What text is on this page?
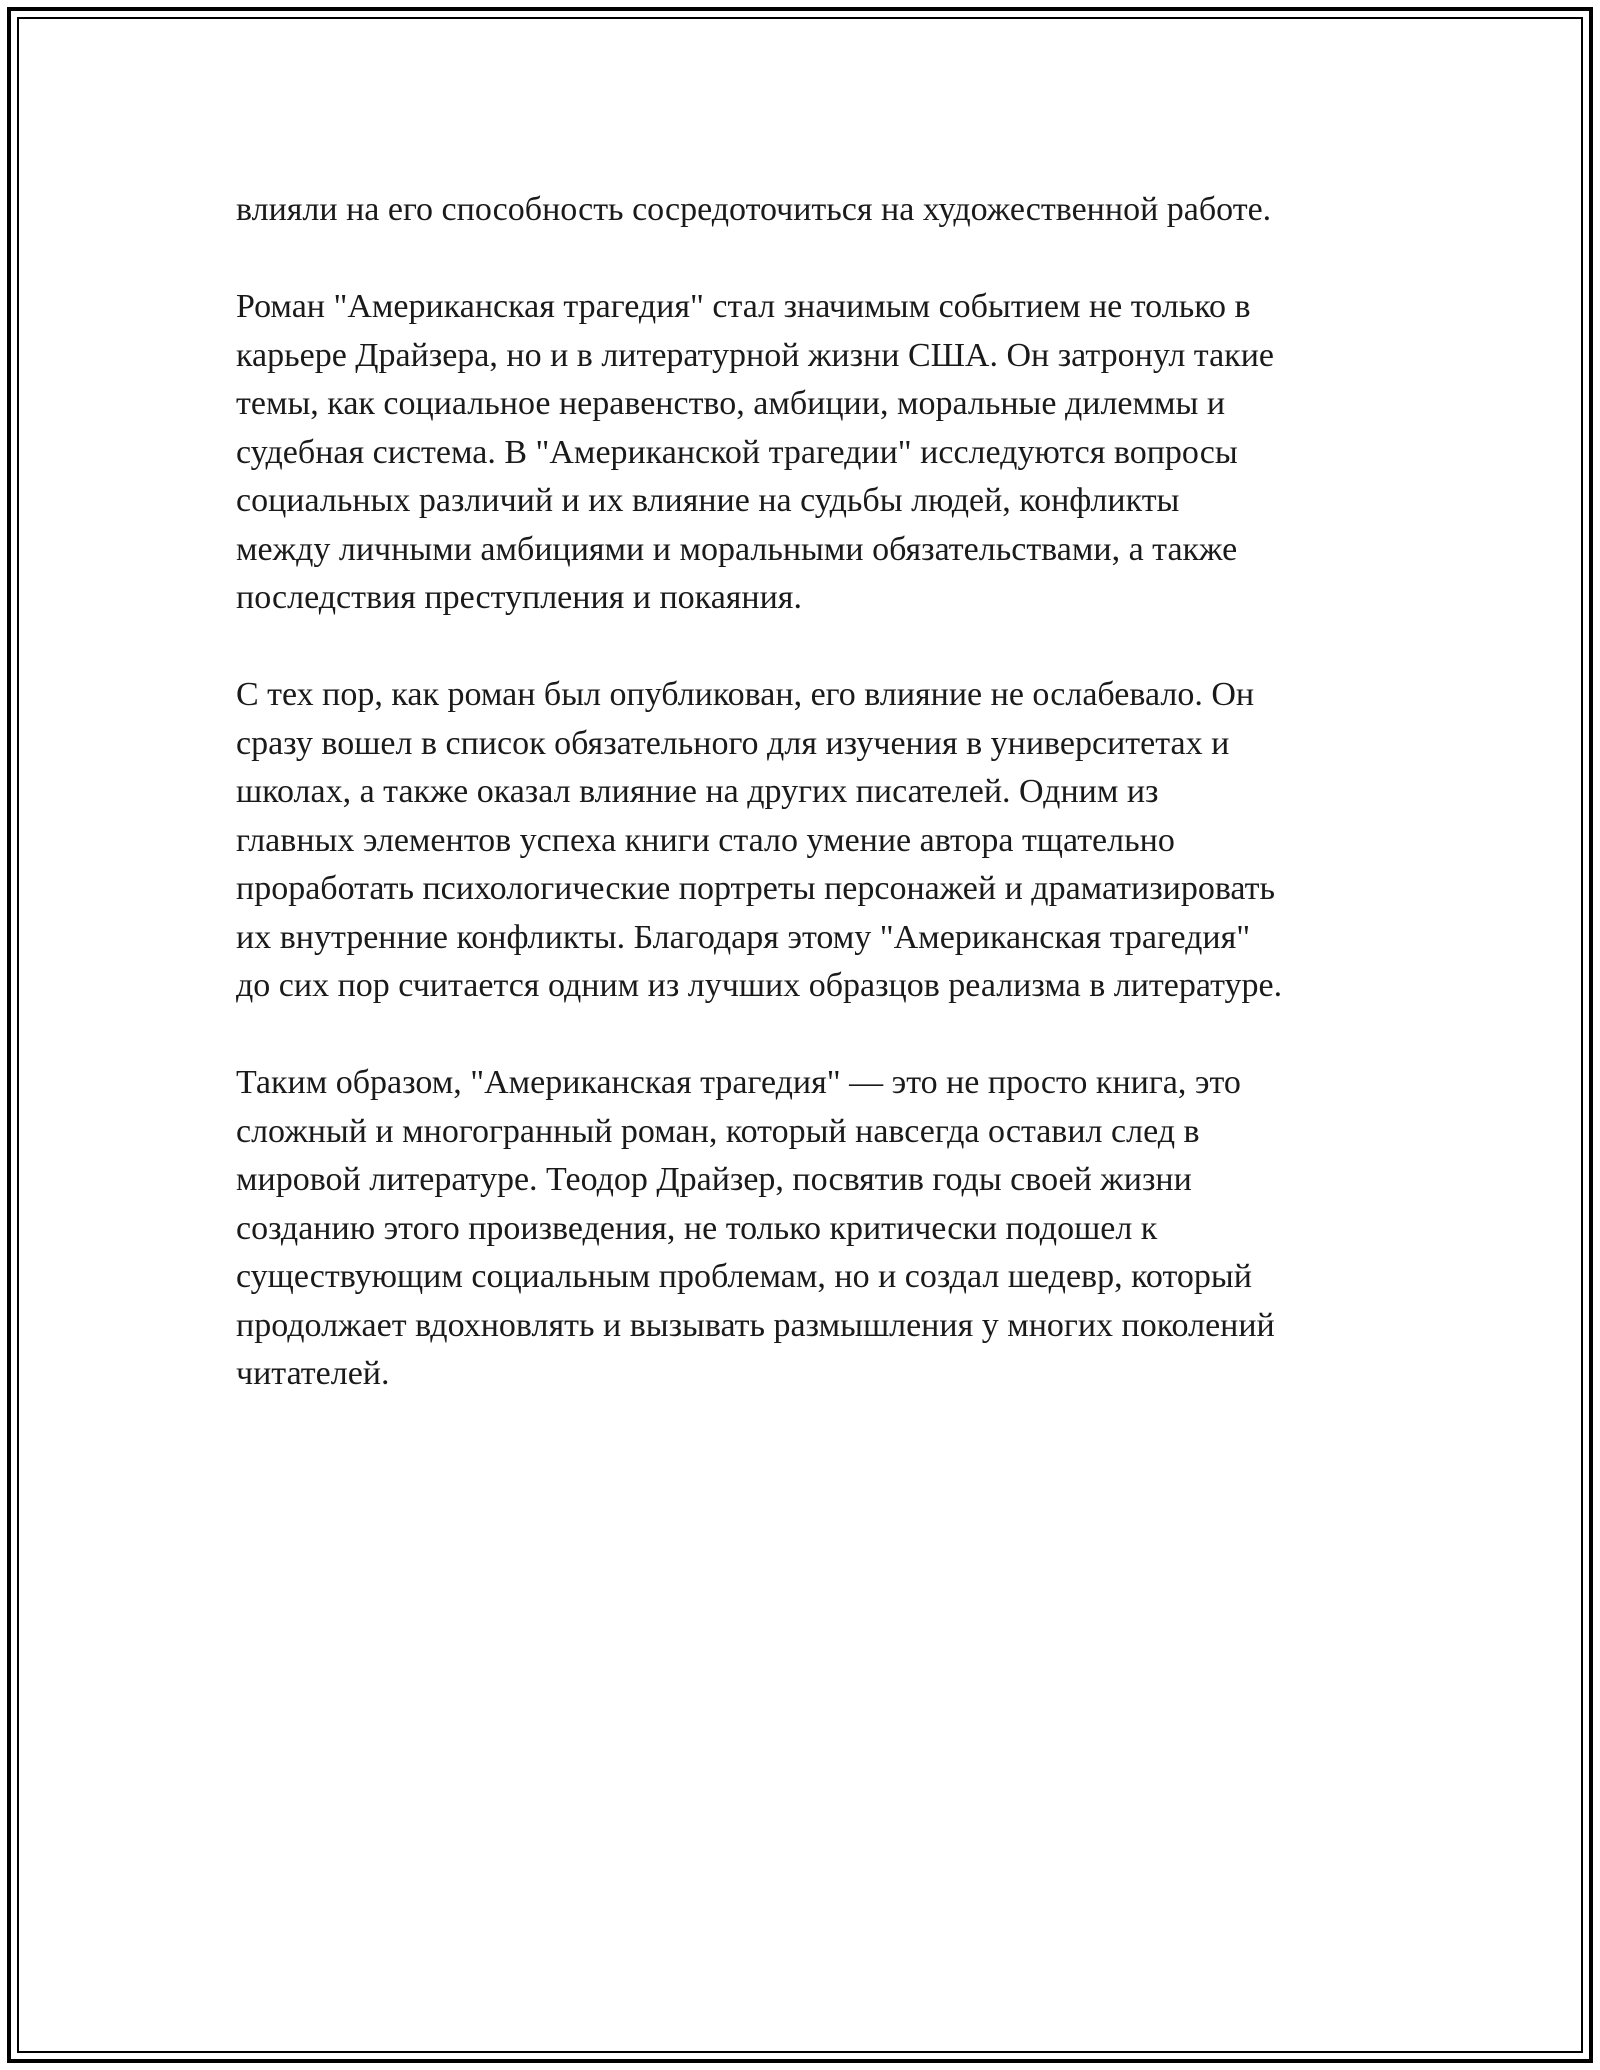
влияли на его способность сосредоточиться на художественной работе.

Роман "Американская трагедия" стал значимым событием не только в
карьере Драйзера, но и в литературной жизни США. Он затронул такие
темы, как социальное неравенство, амбиции, моральные дилеммы и
судебная система. В "Американской трагедии" исследуются вопросы
социальных различий и их влияние на судьбы людей, конфликты
между личными амбициями и моральными обязательствами, а также
последствия преступления и покаяния.

С тех пор, как роман был опубликован, его влияние не ослабевало. Он
сразу вошел в список обязательного для изучения в университетах и
школах, а также оказал влияние на других писателей. Одним из
главных элементов успеха книги стало умение автора тщательно
проработать психологические портреты персонажей и драматизировать
их внутренние конфликты. Благодаря этому "Американская трагедия"
до сих пор считается одним из лучших образцов реализма в литературе.

Таким образом, "Американская трагедия" — это не просто книга, это
сложный и многогранный роман, который навсегда оставил след в
мировой литературе. Теодор Драйзер, посвятив годы своей жизни
созданию этого произведения, не только критически подошел к
существующим социальным проблемам, но и создал шедевр, который
продолжает вдохновлять и вызывать размышления у многих поколений
читателей.
